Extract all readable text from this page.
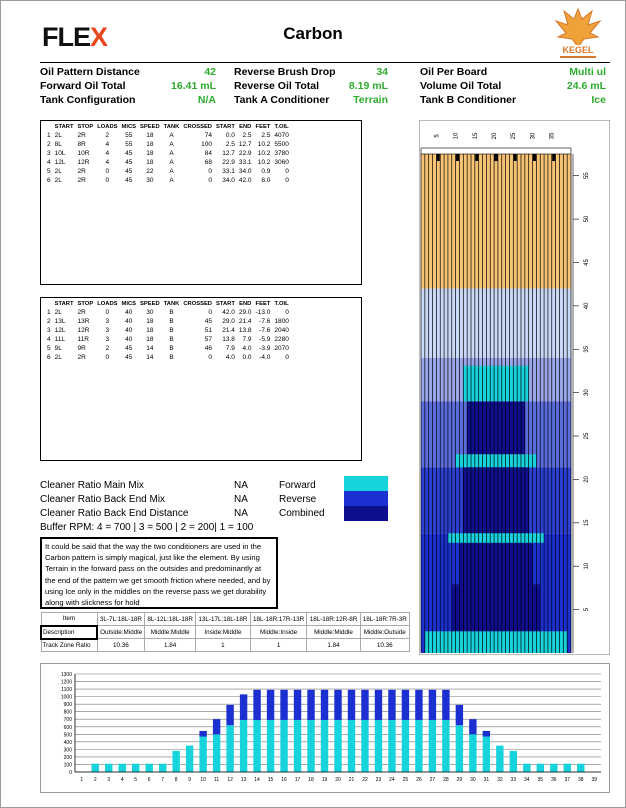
FLEX	Carbon
KEGEL
Oil Pattern Distance	42
Forward Oil Total	16.41 mL
Tank Configuration	N/A
Reverse Brush Drop	34
Reverse Oil Total	8.19 mL
Tank A Conditioner	Terrain
Oil Per Board	Multi ul
Volume Oil Total	24.6 mL
Tank B Conditioner	Ice
	START	STOP	LOADS	MICS	SPEED	TANK	CROSSED	START	END	FEET	T.OIL
1	2L	2R	2	55	18	A	74	0.0	2.5	2.5	4070
2	8L	8R	4	55	18	A	100	2.5	12.7	10.2	5500
3	10L	10R	4	45	18	A	84	12.7	22.9	10.2	3780
4	12L	12R	4	45	18	A	68	22.9	33.1	10.2	3060
5	2L	2R	0	45	22	A	0	33.1	34.0	0.9	0
6	2L	2R	0	45	30	A	0	34.0	42.0	8.0	0
	START	STOP	LOADS	MICS	SPEED	TANK	CROSSED	START	END	FEET	T.OIL
1	2L	2R	0	40	30	B	0	42.0	29.0	-13.0	0
2	13L	13R	3	40	18	B	45	29.0	21.4	-7.6	1800
3	12L	12R	3	40	18	B	51	21.4	13.8	-7.6	2040
4	11L	11R	3	40	18	B	57	13.8	7.9	-5.9	2280
5	9L	9R	2	45	14	B	46	7.9	4.0	-3.9	2070
6	2L	2R	0	45	14	B	0	4.0	0.0	-4.0	0
Cleaner Ratio Main Mix	NA
Cleaner Ratio Back End Mix	NA
Cleaner Ratio Back End Distance	NA
Buffer RPM: 4 = 700 | 3 = 500 | 2 = 200| 1 = 100
Forward
Reverse
Combined
It could be said that the way the two conditioners are used in the Carbon pattern is simply magical, just like the element. By using Terrain in the forward pass on the outsides and predominantly at the end of the pattern we get smooth friction where needed, and by using Ice only in the middles on the reverse pass we get durability along with slickness for hold
Item	3L-7L:18L-18R	8L-12L:18L-18R	13L-17L:18L-18R	18L-18R:17R-13R	18L-18R:12R-8R	18L-18R:7R-3R
Description	Outside:Middle	Middle:Middle	Inside:Middle	Middle:Inside	Middle:Middle	Middle:Outside
Track Zone Ratio	10.36	1.84	1	1	1.84	10.36
5 10 15 20 25 30 35
5
10
15
20
25
30
35
40
45
50
55
0
100
200
300
400
500
600
700
800
900
1000
1100
1200
1300
1 2 3 4 5 6 7 8 9 10 11 12 13 14 15 16 17 18 19 20 21 22 23 24 25 26 27 28 29 30 31 32 33 34 35 36 37 38 39
